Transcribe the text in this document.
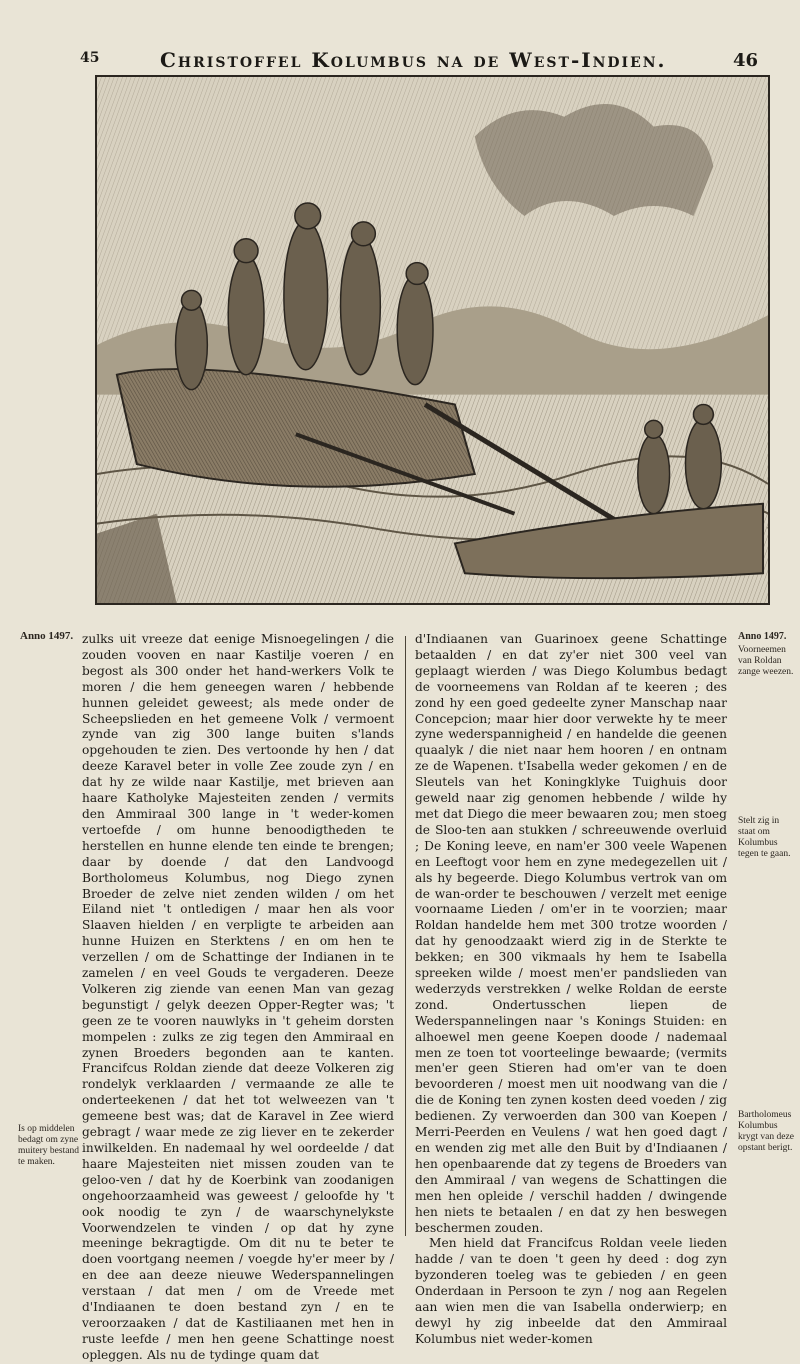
45	Christoffel Kolumbus na de West-Indien.	46
Anno 1497.
Is op middelen bedagt om zyne muitery bestand te maken.
Anno 1497.
Voorneemen van Roldan zange weezen.
Stelt zig in staat om Kolumbus tegen te gaan.
Bartholomeus Kolumbus krygt van deze opstant berigt.

zulks uit vreeze dat eenige Misnoegelingen / die zouden vooven en naar Kastilje voeren / en begost als 300 onder het hand-werkers Volk te moren / die hem geneegen waren / hebbende hunnen geleidet geweest; als mede onder de Scheepslieden en het gemeene Volk / vermoent zynde van zig 300 lange buiten s'lands opgehouden te zien. Des vertoonde hy hen / dat deeze Karavel beter in volle Zee zoude zyn / en dat hy ze wilde naar Kastilje, met brieven aan haare Katholyke Majesteiten zenden / vermits den Ammiraal 300 lange in 't weder-komen vertoefde / om hunne benoodigtheden te herstellen en hunne elende ten einde te brengen; daar by doende / dat den Landvoogd Bortholomeus Kolumbus, nog Diego zynen Broeder de zelve niet zenden wilden / om het Eiland niet 't ontledigen / maar hen als voor Slaaven hielden / en verpligte te arbeiden aan hunne Huizen en Sterktens / en om hen te verzellen / om de Schattinge der Indianen in te zamelen / en veel Gouds te vergaderen. Deeze Volkeren zig ziende van eenen Man van gezag begunstigt / gelyk deezen Opper-Regter was; 't geen ze te vooren nauwlyks in 't geheim dorsten mompelen : zulks ze zig tegen den Ammiraal en zynen Broeders begonden aan te kanten. Francifcus Roldan ziende dat deeze Volkeren zig rondelyk verklaarden / vermaande ze alle te onderteekenen / dat het tot welweezen van 't gemeene best was; dat de Karavel in Zee wierd gebragt / waar mede ze zig liever en te zekerder inwilkelden. En nademaal hy wel oordeelde / dat haare Majesteiten niet missen zouden van te geloo-ven / dat hy de Koerbink van zoodanigen ongehoorzaamheid was geweest / geloofde hy 't ook noodig te zyn / de waarschynelykste Voorwendzelen te vinden / op dat hy zyne meeninge bekragtigde. Om dit nu te beter te doen voortgang neemen / voegde hy'er meer by / en dee aan deeze nieuwe Wederspannelingen verstaan / dat men / om de Vreede met d'Indiaanen te doen bestand zyn / en te veroorzaaken / dat de Kastiliaanen met hen in rustе leefde / men hen geene Schattinge noest opleggen. Als nu de tydinge quam dat

d'Indiaanen van Guarinoex geene Schattinge betaalden / en dat zy'er niet 300 veel van geplaagt wierden / was Diego Kolumbus bedagt de voorneemens van Roldan af te keeren ; des zond hy een goed gedeelte zyner Manschap naar Concepcion; maar hier door verwekte hy te meer zyne wederspannigheid / en handelde die geenen quaalyk / die niet naar hem hooren / en ontnam ze de Wapenen. t'Isabella weder gekomen / en de Sleutels van het Koningklyke Tuighuis door geweld naar zig genomen hebbende / wilde hy met dat Diego die meer bewaaren zou; men stoeg de Sloo-ten aan stukken / schreeuwende overluid ; De Koning leeve, en nam'er 300 veele Wapenen en Leeftogt voor hem en zyne medegezellen uit / als hy begeerde. Diego Kolumbus vertrok van om de wan-order te beschouwen / verzelt met eenige voornaame Lieden / om'er in te voorzien; maar Roldan handelde hem met 300 trotze woorden / dat hy genoodzaakt wierd zig in de Sterkte te bekken; en 300 vikmaals hy hem te Isabella spreeken wilde / moest men'er pandslieden van wederzyds verstrekken / welke Roldan de eerste zond. Ondertusschen liepen de Wederspannelingen naar 's Konings Stuiden: en alhoewel men geene Koepen doode / nademaal men ze toen tot voorteelinge bewaarde; (vermits men'er geen Stieren had om'er van te doen bevoorderen / moest men uit noodwang van die / die de Koning ten zynen kosten deed voeden / zig bedienen. Zy verwoerden dan 300 van Koepen / Merri-Peerden en Veulens / wat hen goed dagt / en wenden zig met alle den Buit by d'Indiaanen / hen openbaarende dat zy tegens de Broeders van den Ammiraal / van wegens de Schattingen die men hen opleide / verschil hadden / dwingende hen niets te betaalen / en dat zy hen beswegen beschermen zouden.

Men hield dat Francifcus Roldan veele lieden hadde / van te doen 't geen hy deed : dog zyn byzonderen toeleg was te gebieden / en geen Onderdaan in Persoon te zyn / nog aan Regelen aan wien men die van Isabella onderwierp; en dewyl hy zig inbeelde dat den Ammiraal Kolumbus niet weder-komen
